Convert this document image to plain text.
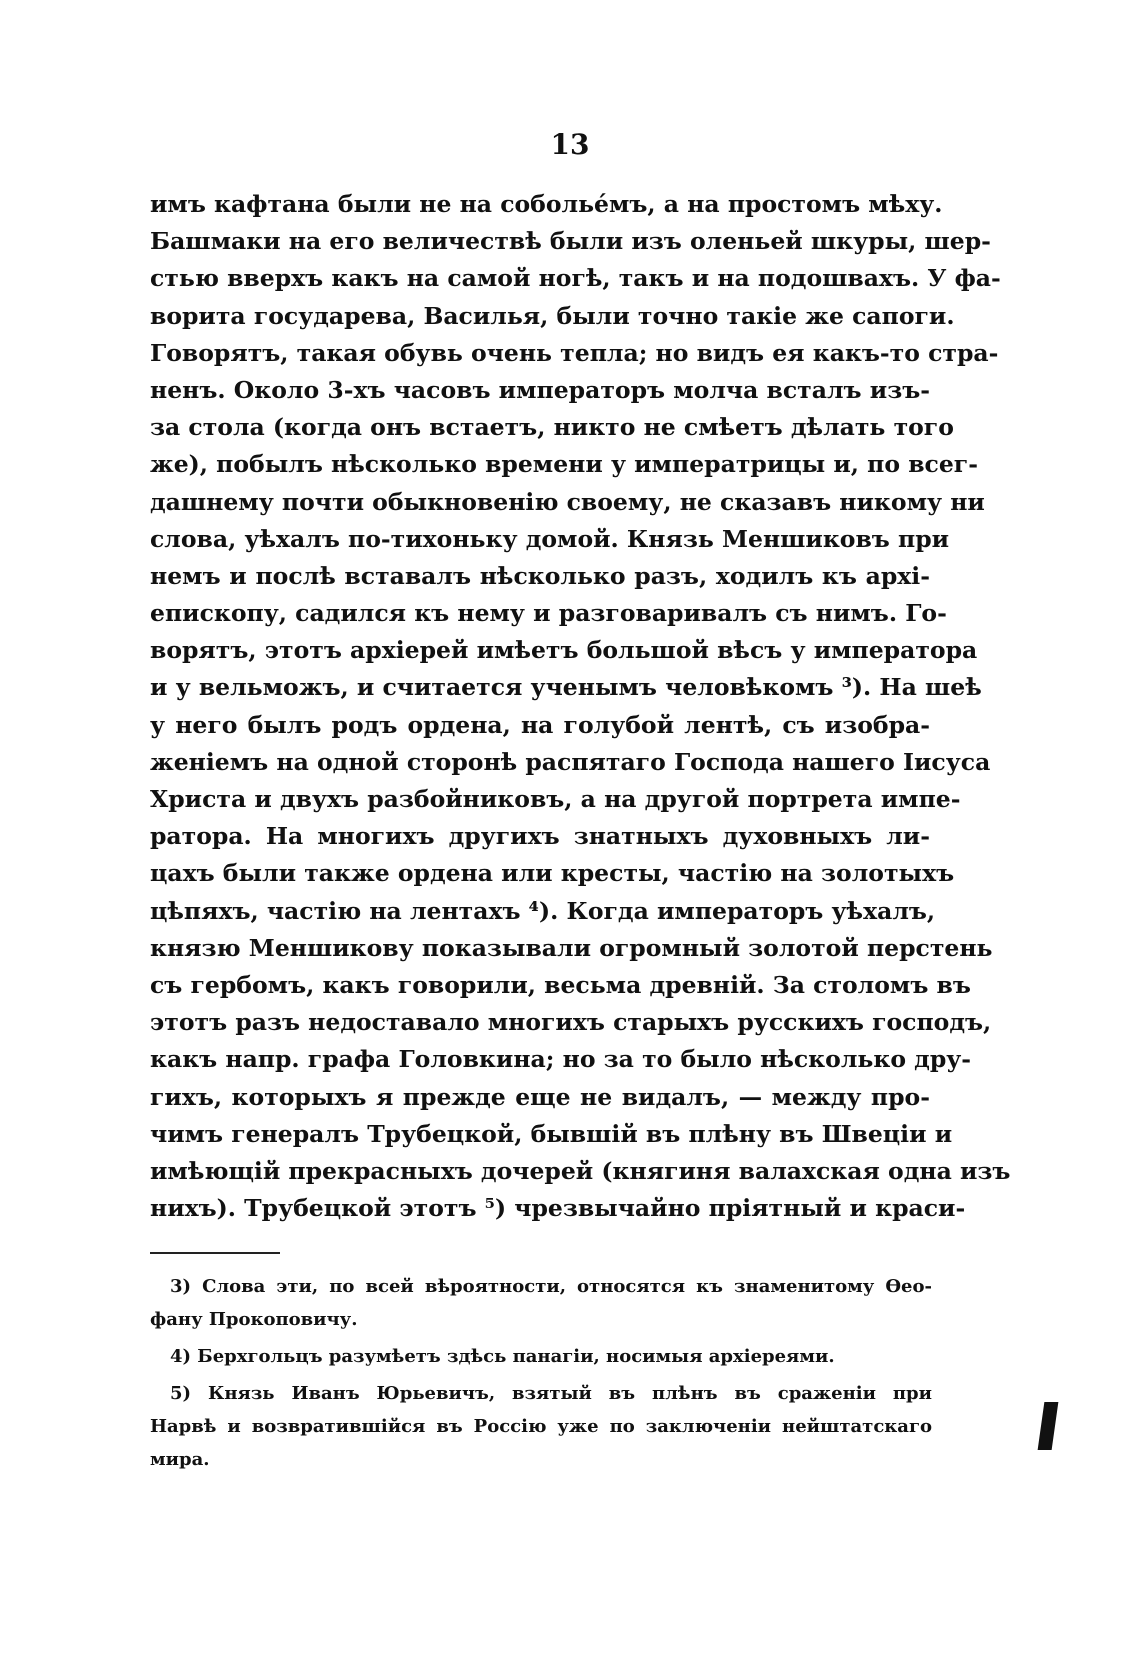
13
имъ кафтана были не на соболье́мъ, а на простомъ мѣху.
Башмаки на его величествѣ были изъ оленьей шкуры, шер-
стью вверхъ какъ на самой ногѣ, такъ и на подошвахъ. У фа-
ворита государева, Василья, были точно такіе же сапоги.
Говорятъ, такая обувь очень тепла; но видъ ея какъ-то стра-
ненъ. Около 3-хъ часовъ императоръ молча всталъ изъ-
за стола (когда онъ встаетъ, никто не смѣетъ дѣлать того
же), побылъ нѣсколько времени у императрицы и, по всег-
дашнему почти обыкновенію своему, не сказавъ никому ни
слова, уѣхалъ по-тихоньку домой. Князь Меншиковъ при
немъ и послѣ вставалъ нѣсколько разъ, ходилъ къ архі-
епископу, садился къ нему и разговаривалъ съ нимъ. Го-
ворятъ, этотъ архіерей имѣетъ большой вѣсъ у императора
и у вельможъ, и считается ученымъ человѣкомъ ³). На шеѣ
у него былъ родъ ордена, на голубой лентѣ, съ изобра-
женіемъ на одной сторонѣ распятаго Господа нашего Іисуса
Христа и двухъ разбойниковъ, а на другой портрета импе-
ратора. На многихъ другихъ знатныхъ духовныхъ ли-
цахъ были также ордена или кресты, частію на золотыхъ
цѣпяхъ, частію на лентахъ ⁴). Когда императоръ уѣхалъ,
князю Меншикову показывали огромный золотой перстень
съ гербомъ, какъ говорили, весьма древній. За столомъ въ
этотъ разъ недоставало многихъ старыхъ русскихъ господъ,
какъ напр. графа Головкина; но за то было нѣсколько дру-
гихъ, которыхъ я прежде еще не видалъ, — между про-
чимъ генералъ Трубецкой, бывшій въ плѣну въ Швеціи и
имѣющій прекрасныхъ дочерей (княгиня валахская одна изъ
нихъ). Трубецкой этотъ ⁵) чрезвычайно пріятный и краси-
3) Слова эти, по всей вѣроятности, относятся къ знаменитому Ѳео-
фану Прокоповичу.
4) Берхгольцъ разумѣетъ здѣсь панагіи, носимыя архіереями.
5) Князь Иванъ Юрьевичъ, взятый въ плѣнъ въ сраженіи при
Нарвѣ и возвратившійся въ Россію уже по заключеніи нейштатскаго
мира.
